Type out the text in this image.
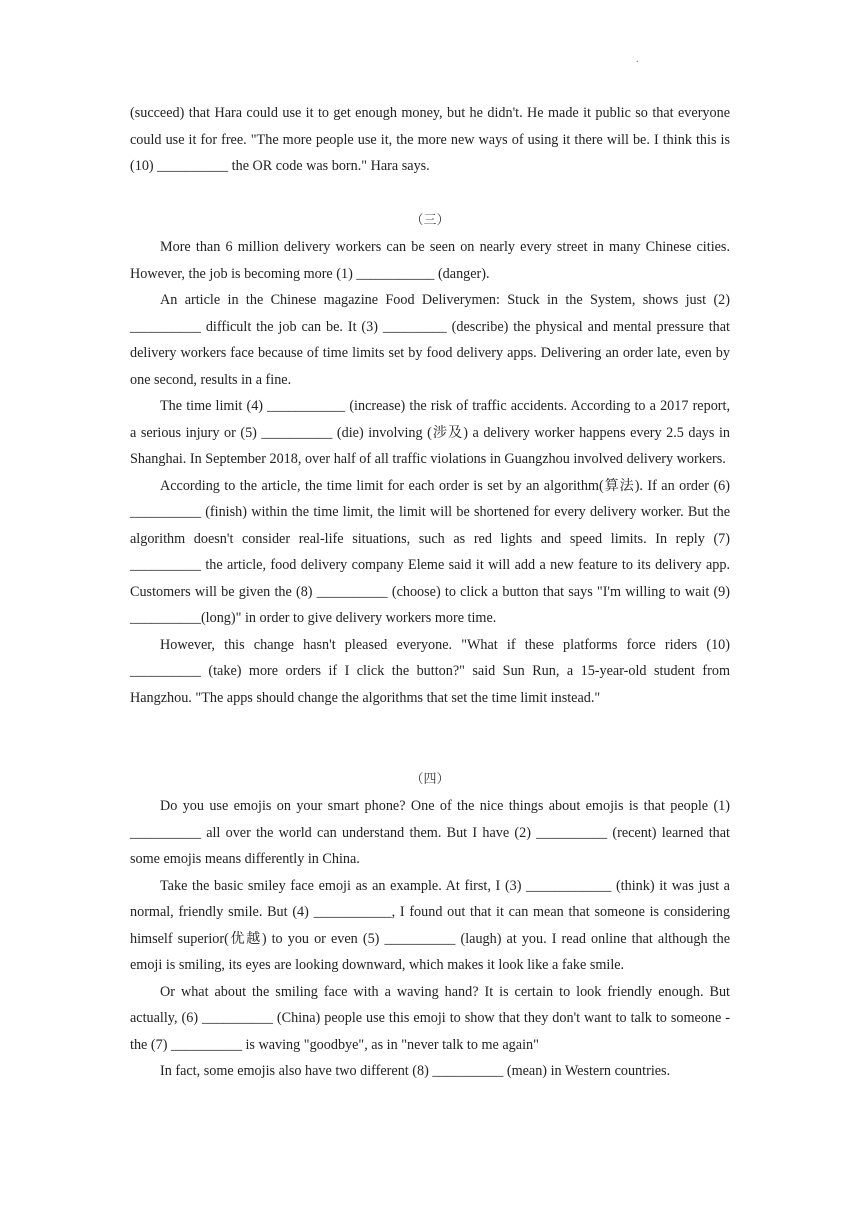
.

(succeed) that Hara could use it to get enough money, but he didn't. He made it public so that everyone could use it for free. "The more people use it, the more new ways of using it there will be. I think this is (10) __________ the OR code was born." Hara says.

（三）

More than 6 million delivery workers can be seen on nearly every street in many Chinese cities. However, the job is becoming more (1) ___________ (danger).

An article in the Chinese magazine Food Deliverymen: Stuck in the System, shows just (2) __________ difficult the job can be. It (3) _________ (describe) the physical and mental pressure that delivery workers face because of time limits set by food delivery apps. Delivering an order late, even by one second, results in a fine.

The time limit (4) ___________ (increase) the risk of traffic accidents. According to a 2017 report, a serious injury or (5) __________ (die) involving (涉及) a delivery worker happens every 2.5 days in Shanghai. In September 2018, over half of all traffic violations in Guangzhou involved delivery workers.

According to the article, the time limit for each order is set by an algorithm(算法). If an order (6) __________ (finish) within the time limit, the limit will be shortened for every delivery worker. But the algorithm doesn't consider real-life situations, such as red lights and speed limits. In reply (7) __________ the article, food delivery company Eleme said it will add a new feature to its delivery app. Customers will be given the (8) __________ (choose) to click a button that says "I'm willing to wait (9) __________(long)" in order to give delivery workers more time.

However, this change hasn't pleased everyone. "What if these platforms force riders (10) __________ (take) more orders if I click the button?" said Sun Run, a 15-year-old student from Hangzhou. "The apps should change the algorithms that set the time limit instead."

（四）

Do you use emojis on your smart phone? One of the nice things about emojis is that people (1) __________ all over the world can understand them. But I have (2) __________ (recent) learned that some emojis means differently in China.

Take the basic smiley face emoji as an example. At first, I (3) ____________ (think) it was just a normal, friendly smile. But (4) ___________, I found out that it can mean that someone is considering himself superior(优越) to you or even (5) __________ (laugh) at you. I read online that although the emoji is smiling, its eyes are looking downward, which makes it look like a fake smile.

Or what about the smiling face with a waving hand? It is certain to look friendly enough. But actually, (6) __________ (China) people use this emoji to show that they don't want to talk to someone - the (7) __________ is waving "goodbye", as in "never talk to me again"

In fact, some emojis also have two different (8) __________ (mean) in Western countries.
